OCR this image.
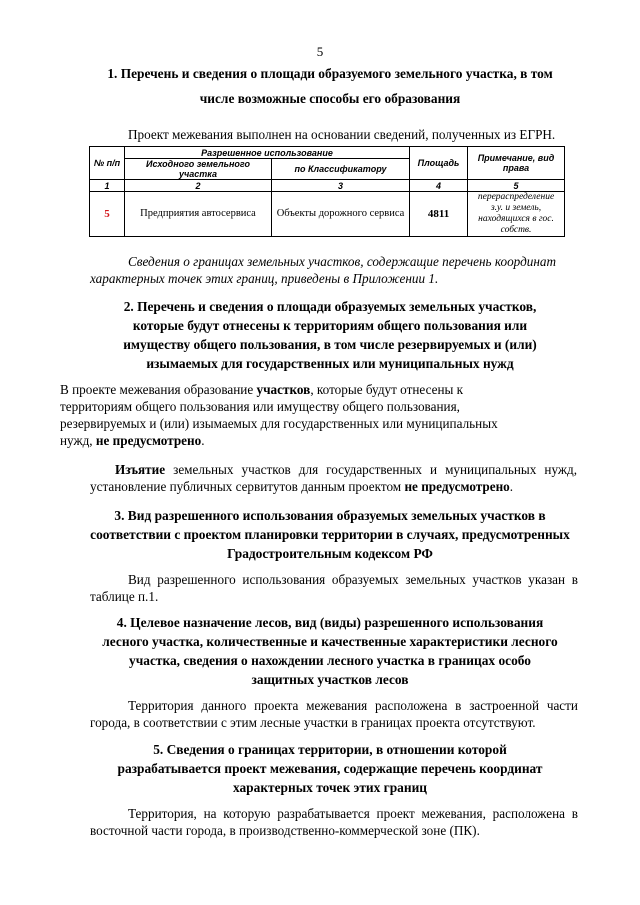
5
1. Перечень и сведения о площади образуемого земельного участка, в том
числе возможные способы его образования
Проект межевания выполнен на основании сведений, полученных из ЕГРН.
№ п/п	Разрешенное использование		Площадь	Примечание, вид права
	Исходного земельного участка	по Классификатору		
1	2	3	4	5
5	Предприятия автосервиса	Объекты дорожного сервиса	4811	перераспределение з.у. и земель, находящихся в гос. собств.
Сведения о границах земельных участков, содержащие перечень координат
характерных точек этих границ, приведены в Приложении 1.
2. Перечень и сведения о площади образуемых земельных участков,
которые будут отнесены к территориям общего пользования или
имуществу общего пользования, в том числе резервируемых и (или)
изымаемых для государственных или муниципальных нужд
В проекте межевания образование участков, которые будут отнесены к
территориям общего пользования или имуществу общего пользования,
резервируемых и (или) изымаемых для государственных или муниципальных
нужд, не предусмотрено.
Изъятие земельных участков для государственных и муниципальных нужд,
установление публичных сервитутов данным проектом не предусмотрено.
3. Вид разрешенного использования образуемых земельных участков в
соответствии с проектом планировки территории в случаях, предусмотренных
Градостроительным кодексом РФ
Вид разрешенного использования образуемых земельных участков указан в
таблице п.1.
4. Целевое назначение лесов, вид (виды) разрешенного использования
лесного участка, количественные и качественные характеристики лесного
участка, сведения о нахождении лесного участка в границах особо
защитных участков лесов
Территория данного проекта межевания расположена в застроенной части
города, в соответствии с этим лесные участки в границах проекта отсутствуют.
5. Сведения о границах территории, в отношении которой
разрабатывается проект межевания, содержащие перечень координат
характерных точек этих границ
Территория, на которую разрабатывается проект межевания, расположена в
восточной части города, в производственно-коммерческой зоне (ПК).
